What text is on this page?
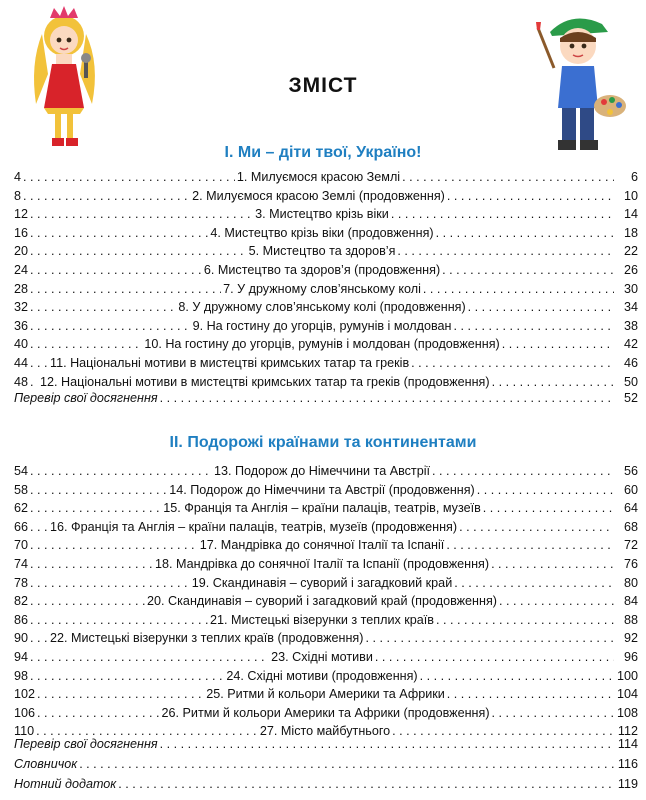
ЗМІСТ
І. Ми – діти твої, Україно!
4 . . .	1. Милуємося красою Землі . . .	6
8 . . .	2. Милуємося красою Землі (продовження) . . .	10
12 . . .	3. Мистецтво крізь віки . . .	14
16 . . .	4. Мистецтво крізь віки (продовження) . . .	18
20 . . .	5. Мистецтво та здоров’я . . .	22
24 . . .	6. Мистецтво та здоров’я (продовження) . . .	26
28 . . .	7. У дружному слов’янському колі . . .	30
32 . . .	8. У дружному слов’янському колі (продовження) . . .	34
36 . . .	9. На гостину до угорців, румунів і молдован . . .	38
40 . . .	10. На гостину до угорців, румунів і молдован (продовження) . . .	42
44 . . . 11. Національні мотиви в мистецтві кримських татар та греків . . .	46
48 . . . 12. Національні мотиви в мистецтві кримських татар та греків (продовження) . . .	50
Перевір свої досягнення . . .	52
ІІ. Подорожі країнами та континентами
54 . . .	13. Подорож до Німеччини та Австрії . . .	56
58 . . .	14. Подорож до Німеччини та Австрії (продовження) . . .	60
62 . . .	15. Франція та Англія – країни палаців, театрів, музеїв . . .	64
66 . . . 16. Франція та Англія – країни палаців, театрів, музеїв (продовження) . . .	68
70 . . .	17. Мандрівка до сонячної Італії та Іспанії . . .	72
74 . . .	18. Мандрівка до сонячної Італії та Іспанії (продовження) . . .	76
78 . . .	19. Скандинавія – суворий і загадковий край . . .	80
82 . . .	20. Скандинавія – суворий і загадковий край (продовження) . . .	84
86 . . .	21. Мистецькі візерунки з теплих країв . . .	88
90 . . . 22. Мистецькі візерунки з теплих країв (продовження) . . .	92
94 . . .	23. Східні мотиви . . .	96
98 . . .	24. Східні мотиви (продовження) . . .	100
102 . . .	25. Ритми й кольори Америки та Африки . . .	104
106 . . .	26. Ритми й кольори Америки та Африки (продовження) . . .	108
110 . . .	27. Місто майбутнього . . .	112
Перевір свої досягнення . . .	114
Словничок . . .	116
Нотний додаток . . .	119
